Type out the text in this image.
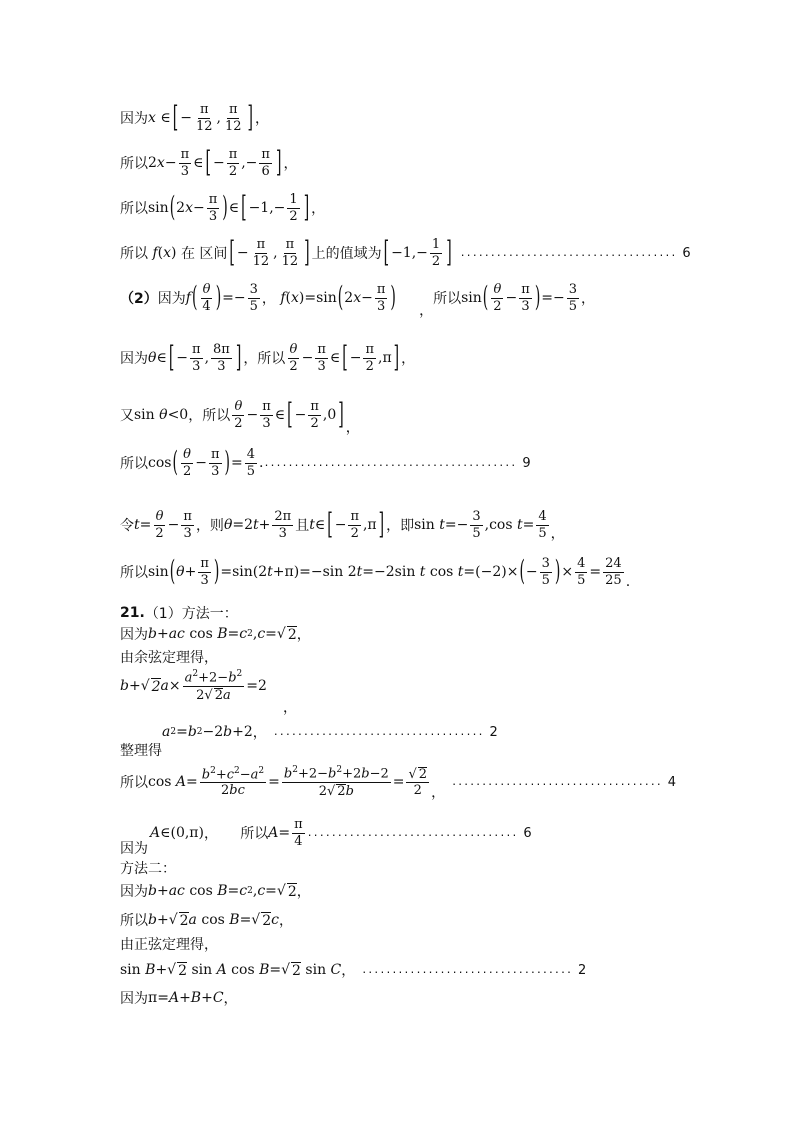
因为 x ∈ [ − $\frac{\pi}{12}$ , $\frac{\pi}{12}$ ] ，
所以 2 $x - \frac{\pi}{3}$ ∈ [ − $\frac{\pi}{2}$ ,− $\frac{\pi}{6}$ ] ，
所以 sin ( 2 $x - \frac{\pi}{3}$ ) ∈ [ $-1,- \frac{1}{2}$ ] ，
所以
f ( x ) 在
区间 [ − $\frac{\pi}{12}$ , $\frac{\pi}{12}$ ] 上的值域为 [ $-1,- \frac{1}{2}$ ] .................................... 6
（2） 因为 f ( $\frac{\theta}{4}$ ) =− $\frac{3}{5}$ ，
f ( x )=sin ( 2 $x - \frac{\pi}{3}$ )
，
所以 sin ( $\frac{\theta}{2} - \frac{\pi}{3}$ ) =− $\frac{3}{5}$ ，
因为 θ ∈ [ − $\frac{\pi}{3}$ , $\frac{8\pi}{3}$ ] ，所以 $\frac{\theta}{2} - \frac{\pi}{3}$ ∈ [ − $\frac{\pi}{2} ,\pi$ ] ，
又 sin θ <0 ，所以 $\frac{\theta}{2} - \frac{\pi}{3}$ ∈ [ − $\frac{\pi}{2} ,0$ ] ，
所以 cos ( $\frac{\theta}{2} - \frac{\pi}{3}$ ) = $\frac{4}{5}$ . .......................................... 9
令 $t = \frac{\theta}{2} - \frac{\pi}{3}$ ，则 θ =2 $t + \frac{2\pi}{3}$ 且 t ∈ [ − $\frac{\pi}{2} ,\pi$ ] ，即 $\sin t =- \frac{3}{5} ,\cos$ $t = \frac{4}{5}$ ，
所以 sin ( $\theta + \frac{\pi}{3}$ ) =sin(2 t +π)=−sin 2 t =−2sin t cos t =(−2)× ( − $\frac{3}{5}$ ) × $\frac{4}{5} = \frac{24}{25}$ .
21. （1）方法一：
因为 b + ac cos B = c 2 , c =√ 2 ，
由余弦定理得，
b +√ 2 $a \times \frac{a^2+2-b^2}{2√ 2a} =2$
，
a 2 = b 2 −2 b +2 ， ................................... 2
整理得
所以 $\cos A = \frac{b^2+c^2-a^2}{2bc} = \frac{b^2+2-b^2+2b-2}{2√ 2b} = \frac{√ 2}{2}$ ，
................................... 4
A ∈(0,π) ，
所以 $A = \frac{\pi}{4}$ ................................... 6
因为
方法二：
因为 b + ac cos B = c 2 , c =√ 2 ，
所以 b +√ 2 a cos B =√ 2 c ，
由正弦定理得，
sin B +√ 2 sin A cos B =√ 2 sin C ， ................................... 2
因为 π= A + B + C ，
